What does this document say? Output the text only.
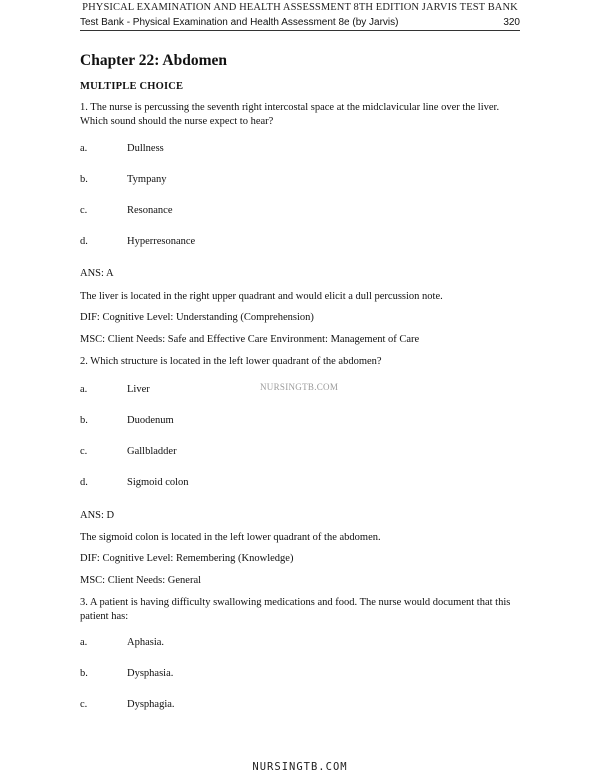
PHYSICAL EXAMINATION AND HEALTH ASSESSMENT 8TH EDITION JARVIS TEST BANK
Test Bank - Physical Examination and Health Assessment 8e (by Jarvis)	320
Chapter 22: Abdomen
MULTIPLE CHOICE
1. The nurse is percussing the seventh right intercostal space at the midclavicular line over the liver. Which sound should the nurse expect to hear?
a.	Dullness
b.	Tympany
c.	Resonance
d.	Hyperresonance
ANS: A
The liver is located in the right upper quadrant and would elicit a dull percussion note.
DIF: Cognitive Level: Understanding (Comprehension)
MSC: Client Needs: Safe and Effective Care Environment: Management of Care
2. Which structure is located in the left lower quadrant of the abdomen?
NURSINGTB.COM
a.	Liver
b.	Duodenum
c.	Gallbladder
d.	Sigmoid colon
ANS: D
The sigmoid colon is located in the left lower quadrant of the abdomen.
DIF: Cognitive Level: Remembering (Knowledge)
MSC: Client Needs: General
3. A patient is having difficulty swallowing medications and food. The nurse would document that this patient has:
a.	Aphasia.
b.	Dysphasia.
c.	Dysphagia.
NURSINGTB.COM
